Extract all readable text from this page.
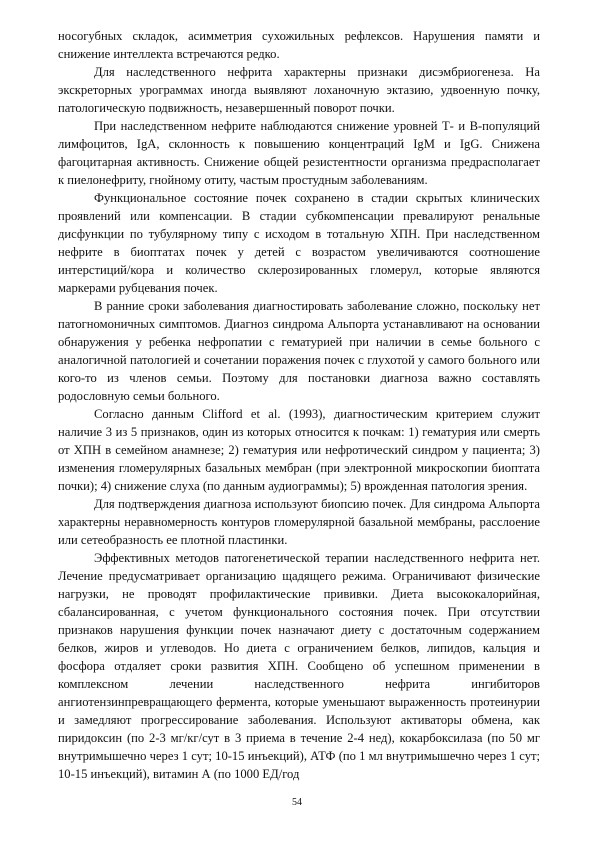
носогубных складок, асимметрия сухожильных рефлексов. Нарушения памяти и снижение интеллекта встречаются редко.

Для наследственного нефрита характерны признаки дисэмбриогенеза. На экскреторных урограммах иногда выявляют лоханочную эктазию, удвоенную почку, патологическую подвижность, незавершенный поворот почки.

При наследственном нефрите наблюдаются снижение уровней Т- и В-популяций лимфоцитов, IgA, склонность к повышению концентраций IgM и IgG. Снижена фагоцитарная активность. Снижение общей резистентности организма предрасполагает к пиелонефриту, гнойному отиту, частым простудным заболеваниям.

Функциональное состояние почек сохранено в стадии скрытых клинических проявлений или компенсации. В стадии субкомпенсации превалируют ренальные дисфункции по тубулярному типу с исходом в тотальную ХПН. При наследственном нефрите в биоптатах почек у детей с возрастом увеличиваются соотношение интерстиций/кора и количество склерозированных гломерул, которые являются маркерами рубцевания почек.

В ранние сроки заболевания диагностировать заболевание сложно, поскольку нет патогномоничных симптомов. Диагноз синдрома Альпорта устанавливают на основании обнаружения у ребенка нефропатии с гематурией при наличии в семье больного с аналогичной патологией и сочетании поражения почек с глухотой у самого больного или кого-то из членов семьи. Поэтому для постановки диагноза важно составлять родословную семьи больного.

Согласно данным Clifford et al. (1993), диагностическим критерием служит наличие 3 из 5 признаков, один из которых относится к почкам: 1) гематурия или смерть от ХПН в семейном анамнезе; 2) гематурия или нефротический синдром у пациента; 3) изменения гломерулярных базальных мембран (при электронной микроскопии биоптата почки); 4) снижение слуха (по данным аудиограммы); 5) врожденная патология зрения.

Для подтверждения диагноза используют биопсию почек. Для синдрома Альпорта характерны неравномерность контуров гломерулярной базальной мембраны, расслоение или сетеобразность ее плотной пластинки.

Эффективных методов патогенетической терапии наследственного нефрита нет. Лечение предусматривает организацию щадящего режима. Ограничивают физические нагрузки, не проводят профилактические прививки. Диета высококалорийная, сбалансированная, с учетом функционального состояния почек. При отсутствии признаков нарушения функции почек назначают диету с достаточным содержанием белков, жиров и углеводов. Но диета с ограничением белков, липидов, кальция и фосфора отдаляет сроки развития ХПН. Сообщено об успешном применении в комплексном лечении наследственного нефрита ингибиторов ангиотензинпревращающего фермента, которые уменьшают выраженность протеинурии и замедляют прогрессирование заболевания. Используют активаторы обмена, как пиридоксин (по 2-3 мг/кг/сут в 3 приема в течение 2-4 нед), кокарбоксилаза (по 50 мг внутримышечно через 1 сут; 10-15 инъекций), АТФ (по 1 мл внутримышечно через 1 сут; 10-15 инъекций), витамин А (по 1000 ЕД/год

54
